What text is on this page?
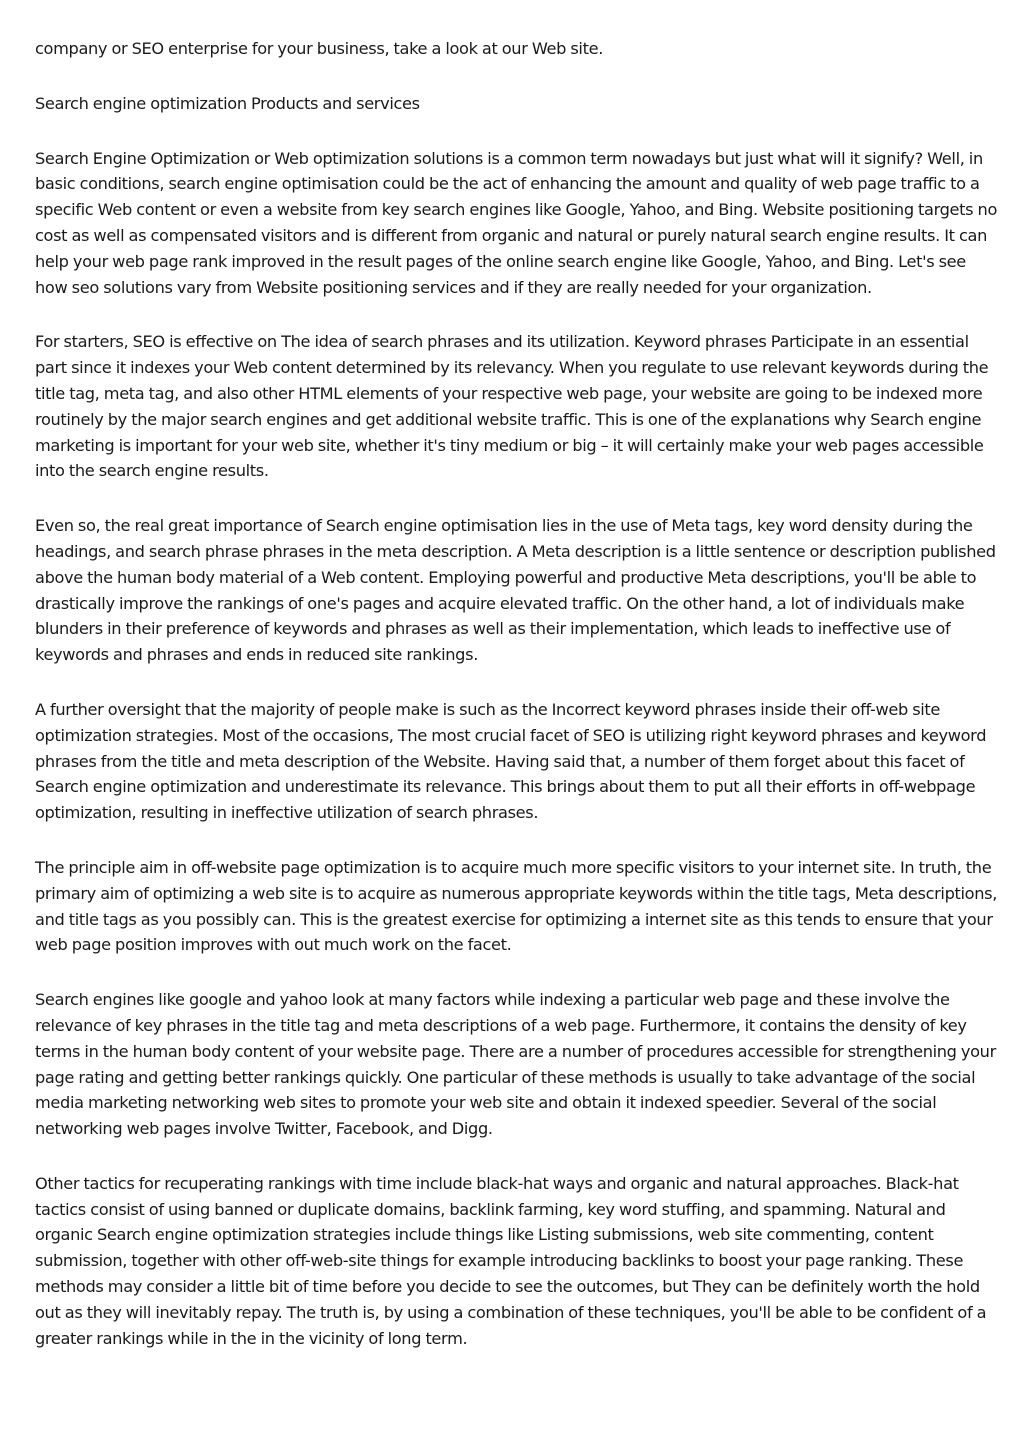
company or SEO enterprise for your business, take a look at our Web site.

Search engine optimization Products and services

Search Engine Optimization or Web optimization solutions is a common term nowadays but just what will it signify? Well, in basic conditions, search engine optimisation could be the act of enhancing the amount and quality of web page traffic to a specific Web content or even a website from key search engines like Google, Yahoo, and Bing. Website positioning targets no cost as well as compensated visitors and is different from organic and natural or purely natural search engine results. It can help your web page rank improved in the result pages of the online search engine like Google, Yahoo, and Bing. Let's see how seo solutions vary from Website positioning services and if they are really needed for your organization.

For starters, SEO is effective on The idea of search phrases and its utilization. Keyword phrases Participate in an essential part since it indexes your Web content determined by its relevancy. When you regulate to use relevant keywords during the title tag, meta tag, and also other HTML elements of your respective web page, your website are going to be indexed more routinely by the major search engines and get additional website traffic. This is one of the explanations why Search engine marketing is important for your web site, whether it's tiny medium or big – it will certainly make your web pages accessible into the search engine results.

Even so, the real great importance of Search engine optimisation lies in the use of Meta tags, key word density during the headings, and search phrase phrases in the meta description. A Meta description is a little sentence or description published above the human body material of a Web content. Employing powerful and productive Meta descriptions, you'll be able to drastically improve the rankings of one's pages and acquire elevated traffic. On the other hand, a lot of individuals make blunders in their preference of keywords and phrases as well as their implementation, which leads to ineffective use of keywords and phrases and ends in reduced site rankings.

A further oversight that the majority of people make is such as the Incorrect keyword phrases inside their off-web site optimization strategies. Most of the occasions, The most crucial facet of SEO is utilizing right keyword phrases and keyword phrases from the title and meta description of the Website. Having said that, a number of them forget about this facet of Search engine optimization and underestimate its relevance. This brings about them to put all their efforts in off-webpage optimization, resulting in ineffective utilization of search phrases.

The principle aim in off-website page optimization is to acquire much more specific visitors to your internet site. In truth, the primary aim of optimizing a web site is to acquire as numerous appropriate keywords within the title tags, Meta descriptions, and title tags as you possibly can. This is the greatest exercise for optimizing a internet site as this tends to ensure that your web page position improves with out much work on the facet.

Search engines like google and yahoo look at many factors while indexing a particular web page and these involve the relevance of key phrases in the title tag and meta descriptions of a web page. Furthermore, it contains the density of key terms in the human body content of your website page. There are a number of procedures accessible for strengthening your page rating and getting better rankings quickly. One particular of these methods is usually to take advantage of the social media marketing networking web sites to promote your web site and obtain it indexed speedier. Several of the social networking web pages involve Twitter, Facebook, and Digg.

Other tactics for recuperating rankings with time include black-hat ways and organic and natural approaches. Black-hat tactics consist of using banned or duplicate domains, backlink farming, key word stuffing, and spamming. Natural and organic Search engine optimization strategies include things like Listing submissions, web site commenting, content submission, together with other off-web-site things for example introducing backlinks to boost your page ranking. These methods may consider a little bit of time before you decide to see the outcomes, but They can be definitely worth the hold out as they will inevitably repay. The truth is, by using a combination of these techniques, you'll be able to be confident of a greater rankings while in the in the vicinity of long term.
